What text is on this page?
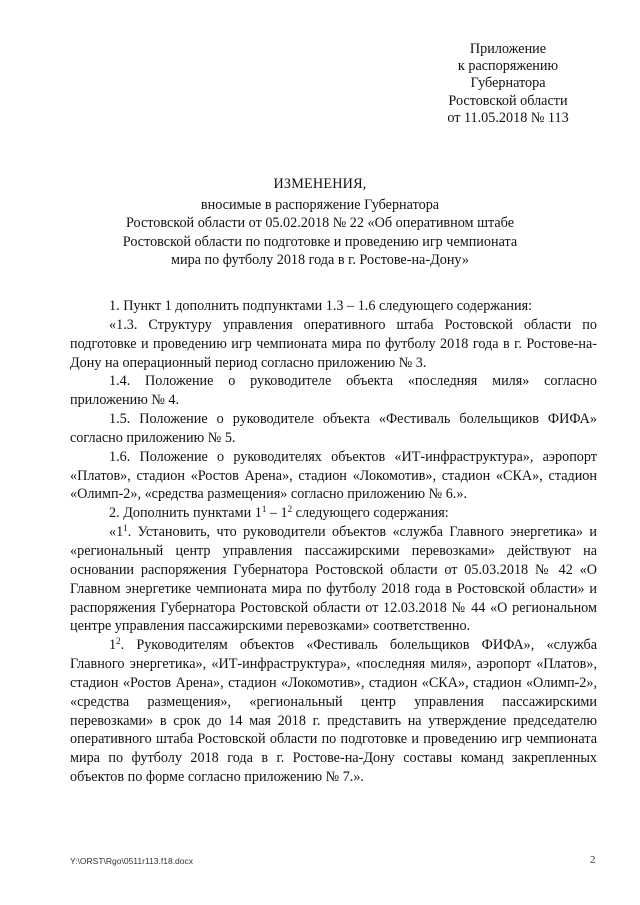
Приложение
к распоряжению
Губернатора
Ростовской области
от 11.05.2018 № 113
ИЗМЕНЕНИЯ,
вносимые в распоряжение Губернатора
Ростовской области от 05.02.2018 № 22 «Об оперативном штабе
Ростовской области по подготовке и проведению игр чемпионата
мира по футболу 2018 года в г. Ростове-на-Дону»

1. Пункт 1 дополнить подпунктами 1.3 – 1.6 следующего содержания:

«1.3. Структуру управления оперативного штаба Ростовской области по подготовке и проведению игр чемпионата мира по футболу 2018 года в г. Ростове-на-Дону на операционный период согласно приложению № 3.

1.4. Положение о руководителе объекта «последняя миля» согласно приложению № 4.

1.5. Положение о руководителе объекта «Фестиваль болельщиков ФИФА» согласно приложению № 5.

1.6. Положение о руководителях объектов «ИТ-инфраструктура», аэропорт «Платов», стадион «Ростов Арена», стадион «Локомотив», стадион «СКА», стадион «Олимп-2», «средства размещения» согласно приложению № 6.».

2. Дополнить пунктами $1^1 - 1^2$ следующего содержания:

«$1^1$. Установить, что руководители объектов «служба Главного энергетика» и «региональный центр управления пассажирскими перевозками» действуют на основании распоряжения Губернатора Ростовской области от 05.03.2018 № 42 «О Главном энергетике чемпионата мира по футболу 2018 года в Ростовской области» и распоряжения Губернатора Ростовской области от 12.03.2018 № 44 «О региональном центре управления пассажирскими перевозками» соответственно.

$1^2$. Руководителям объектов «Фестиваль болельщиков ФИФА», «служба Главного энергетика», «ИТ-инфраструктура», «последняя миля», аэропорт «Платов», стадион «Ростов Арена», стадион «Локомотив», стадион «СКА», стадион «Олимп-2», «средства размещения», «региональный центр управления пассажирскими перевозками» в срок до 14 мая 2018 г. представить на утверждение председателю оперативного штаба Ростовской области по подготовке и проведению игр чемпионата мира по футболу 2018 года в г. Ростове-на-Дону составы команд закрепленных объектов по форме согласно приложению № 7.».

Y:\ORST\Rgo\0511r113.f18.docx	2
